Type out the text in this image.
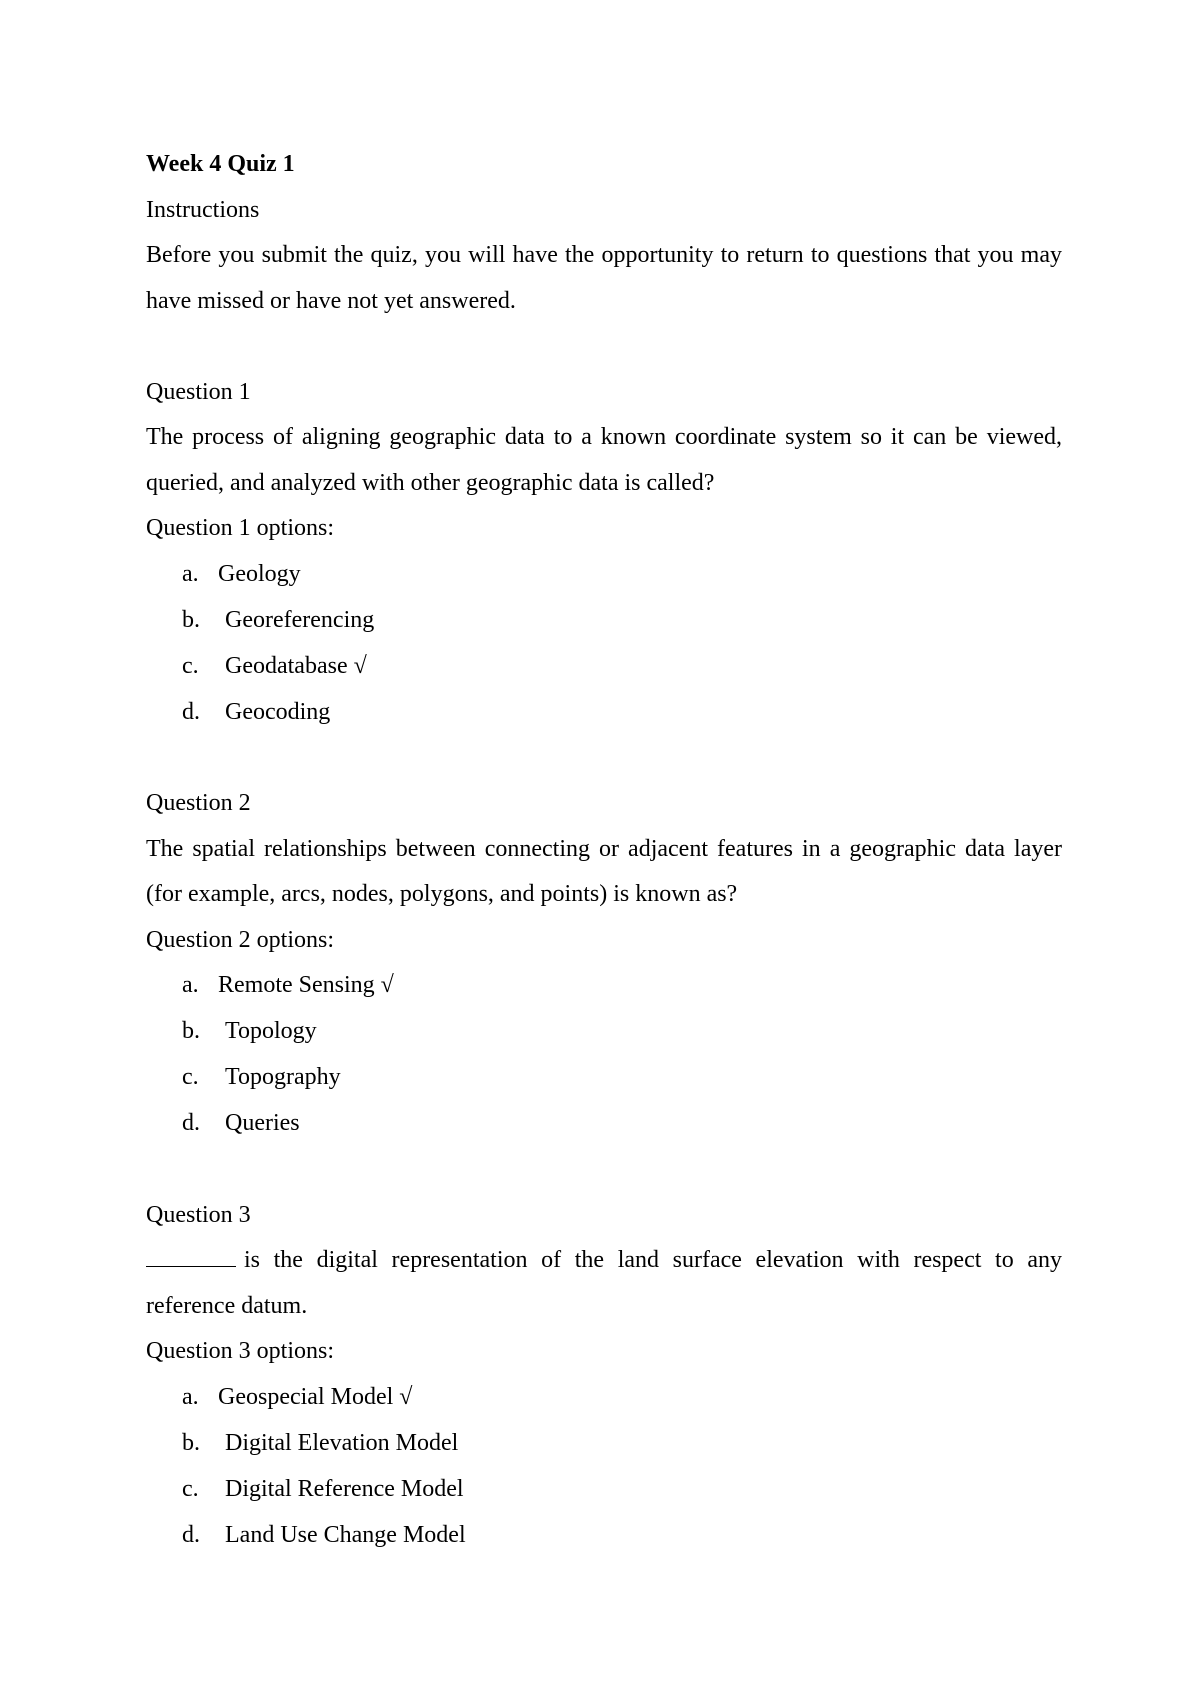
Week 4 Quiz 1

Instructions

Before you submit the quiz, you will have the opportunity to return to questions that you may have missed or have not yet answered.

Question 1

The process of aligning geographic data to a known coordinate system so it can be viewed, queried, and analyzed with other geographic data is called?

Question 1 options:

a. Geology
b. Georeferencing
c. Geodatabase √
d. Geocoding

Question 2

The spatial relationships between connecting or adjacent features in a geographic data layer (for example, arcs, nodes, polygons, and points) is known as?

Question 2 options:

a. Remote Sensing √
b. Topology
c. Topography
d. Queries

Question 3

is the digital representation of the land surface elevation with respect to any reference datum.

Question 3 options:

a. Geospecial Model √
b. Digital Elevation Model
c. Digital Reference Model
d. Land Use Change Model
